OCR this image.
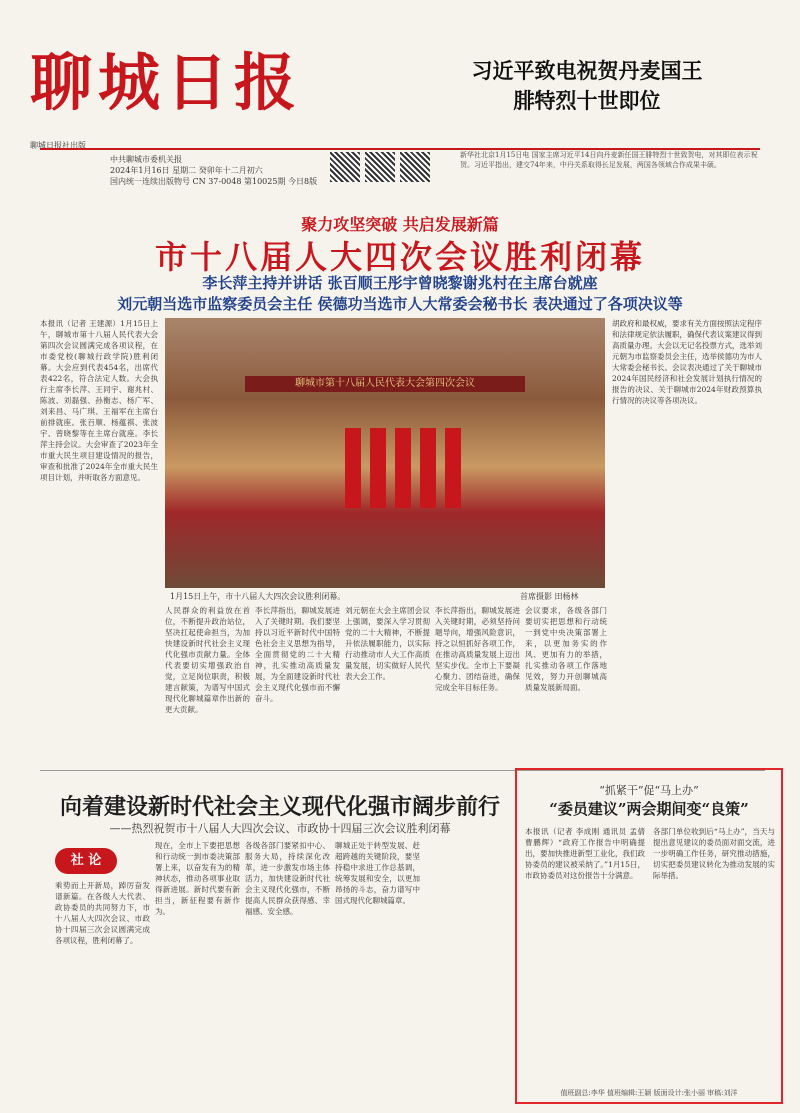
聊城日报
聊城日报社出版
习近平致电祝贺丹麦国王
腓特烈十世即位
中共聊城市委机关报
2024年1月16日 星期二 癸卯年十二月初六
国内统一连续出版物号 CN 37-0048 第10025期 今日8版
新华社北京1月15日电 国家主席习近平14日向丹麦新任国王腓特烈十世致贺电，对其即位表示祝贺。习近平指出，建交74年来，中丹关系取得长足发展，两国各领域合作成果丰硕。
聚力攻坚突破 共启发展新篇
市十八届人大四次会议胜利闭幕
李长萍主持并讲话 张百顺王彤宇曾晓黎谢兆村在主席台就座
刘元朝当选市监察委员会主任 侯德功当选市人大常委会秘书长 表决通过了各项决议等
本报讯（记者 王建源）1月15日上午，聊城市第十八届人民代表大会第四次会议圆满完成各项议程，在市委党校(聊城行政学院)胜利闭幕。大会应到代表454名，出席代表422名，符合法定人数。大会执行主席李长萍、王同宇、谢兆村、陈波、刘磊强、孙衡志、杨广军、刘来昌、马广琪、王福军在主席台前排就座。张百顺、杨蕴祺、张波宇、曾晓黎等在主席台就座。李长萍主持会议。大会审查了2023年全市重大民生项目建设情况的报告，审查和批准了2024年全市重大民生项目计划，并听取各方面意见。
聊城市第十八届人民代表大会第四次会议
1月15日上午，市十八届人大四次会议胜利闭幕。	首席摄影 田杨林
胡政府和最权威，要求有关方面按照法定程序和法律规定依法履职，确保代表议案建议得到高质量办理。大会以无记名投票方式，选举刘元朝为市监察委员会主任，选举侯德功为市人大常委会秘书长。会议表决通过了关于聊城市2024年国民经济和社会发展计划执行情况的报告的决议、关于聊城市2024年财政预算执行情况的决议等各项决议。
人民群众的利益放在首位，不断提升政治站位，坚决扛起使命担当，为加快建设新时代社会主义现代化强市贡献力量。全体代表要切实增强政治自觉，立足岗位职责，积极建言献策，为谱写中国式现代化聊城篇章作出新的更大贡献。
李长萍指出，聊城发展进入了关键时期。我们要坚持以习近平新时代中国特色社会主义思想为指导，全面贯彻党的二十大精神，扎实推动高质量发展，为全面建设新时代社会主义现代化强市而不懈奋斗。
刘元朝在大会主席团会议上强调，要深入学习贯彻党的二十大精神，不断提升依法履职能力，以实际行动推动市人大工作高质量发展，切实做好人民代表大会工作。
李长萍指出，聊城发展进入关键时期，必须坚持问题导向，增强风险意识，持之以恒抓好各项工作，在推动高质量发展上迈出坚实步伐。全市上下要凝心聚力、团结奋进，确保完成全年目标任务。
会议要求，各级各部门要切实把思想和行动统一到党中央决策部署上来，以更加务实的作风、更加有力的举措，扎实推动各项工作落地见效，努力开创聊城高质量发展新局面。
向着建设新时代社会主义现代化强市阔步前行
——热烈祝贺市十八届人大四次会议、市政协十四届三次会议胜利闭幕
社 论
乘势而上开新局，踔厉奋发谱新篇。在各级人大代表、政协委员的共同努力下，市十八届人大四次会议、市政协十四届三次会议圆满完成各项议程，胜利闭幕了。
现在，全市上下要把思想和行动统一到市委决策部署上来，以奋发有为的精神状态，推动各项事业取得新进展。新时代要有新担当，新征程要有新作为。
各级各部门要紧扣中心、服务大局，持续深化改革，进一步激发市场主体活力，加快建设新时代社会主义现代化强市，不断提高人民群众获得感、幸福感、安全感。
聊城正处于转型发展、赶超跨越的关键阶段，要坚持稳中求进工作总基调，统筹发展和安全，以更加昂扬的斗志，奋力谱写中国式现代化聊城篇章。
“抓紧干”促“马上办”
“委员建议”两会期间变“良策”
本报讯（记者 李成刚 通讯员 孟倩 曹鹏辉）“政府工作报告中明确提出，要加快推进新型工业化，我们政协委员的建议被采纳了。”1月15日，市政协委员对这份报告十分满意。
各部门单位收到后“马上办”，当天与提出意见建议的委员面对面交流，进一步明确工作任务，研究推动措施，切实把委员建议转化为推动发展的实际举措。
值班副总:李华 值班编辑:王颖 版面设计:张小丽 审稿:刘洋
